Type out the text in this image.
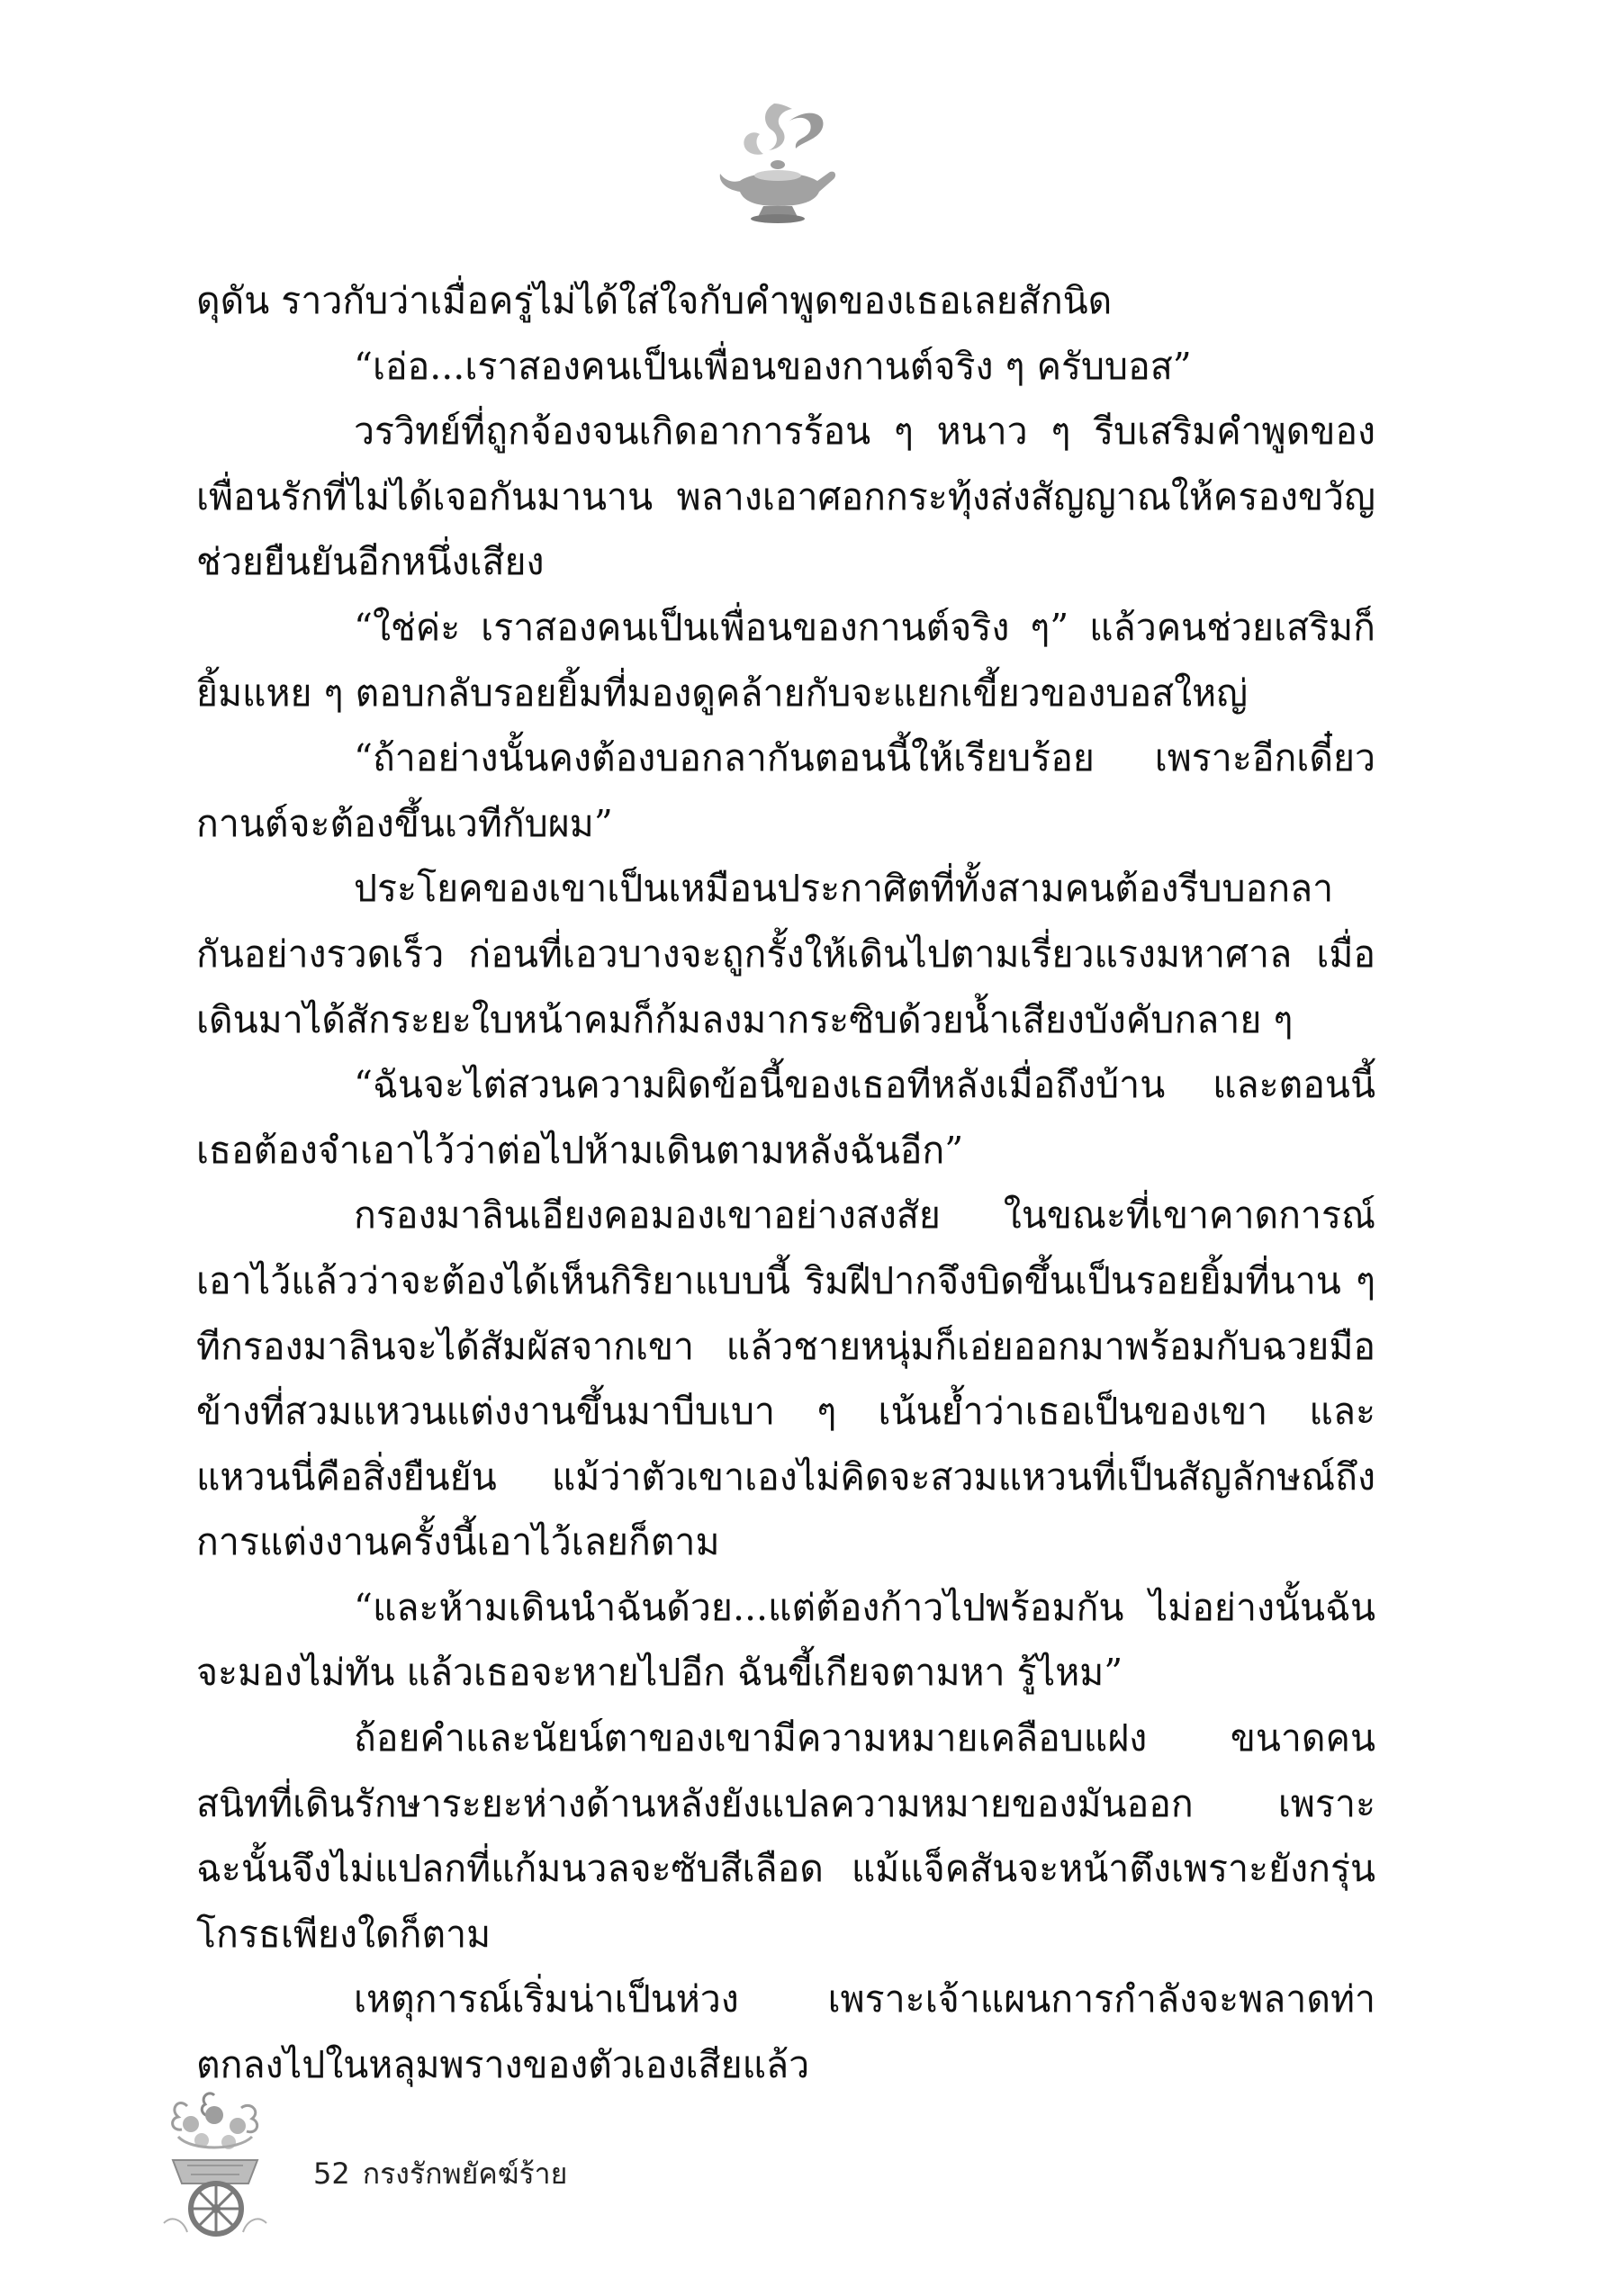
ดุดัน ราวกับว่าเมื่อครู่ไม่ได้ใส่ใจกับคำพูดของเธอเลยสักนิด

“เอ่อ...เราสองคนเป็นเพื่อนของกานต์จริง ๆ ครับบอส”

วรวิทย์ที่ถูกจ้องจนเกิดอาการร้อน ๆ หนาว ๆ รีบเสริมคำพูดของเพื่อนรักที่ไม่ได้เจอกันมานาน พลางเอาศอกกระทุ้งส่งสัญญาณให้ครองขวัญช่วยยืนยันอีกหนึ่งเสียง

“ใช่ค่ะ เราสองคนเป็นเพื่อนของกานต์จริง ๆ” แล้วคนช่วยเสริมก็ยิ้มแหย ๆ ตอบกลับรอยยิ้มที่มองดูคล้ายกับจะแยกเขี้ยวของบอสใหญ่

“ถ้าอย่างนั้นคงต้องบอกลากันตอนนี้ให้เรียบร้อย เพราะอีกเดี๋ยวกานต์จะต้องขึ้นเวทีกับผม”

ประโยคของเขาเป็นเหมือนประกาศิตที่ทั้งสามคนต้องรีบบอกลากันอย่างรวดเร็ว ก่อนที่เอวบางจะถูกรั้งให้เดินไปตามเรี่ยวแรงมหาศาล เมื่อเดินมาได้สักระยะใบหน้าคมก็ก้มลงมากระซิบด้วยน้ำเสียงบังคับกลาย ๆ

“ฉันจะไต่สวนความผิดข้อนี้ของเธอทีหลังเมื่อถึงบ้าน และตอนนี้เธอต้องจำเอาไว้ว่าต่อไปห้ามเดินตามหลังฉันอีก”

กรองมาลินเอียงคอมองเขาอย่างสงสัย ในขณะที่เขาคาดการณ์เอาไว้แล้วว่าจะต้องได้เห็นกิริยาแบบนี้ ริมฝีปากจึงบิดขึ้นเป็นรอยยิ้มที่นาน ๆ ทีกรองมาลินจะได้สัมผัสจากเขา แล้วชายหนุ่มก็เอ่ยออกมาพร้อมกับฉวยมือข้างที่สวมแหวนแต่งงานขึ้นมาบีบเบา ๆ เน้นย้ำว่าเธอเป็นของเขา และแหวนนี่คือสิ่งยืนยัน แม้ว่าตัวเขาเองไม่คิดจะสวมแหวนที่เป็นสัญลักษณ์ถึงการแต่งงานครั้งนี้เอาไว้เลยก็ตาม

“และห้ามเดินนำฉันด้วย...แต่ต้องก้าวไปพร้อมกัน ไม่อย่างนั้นฉันจะมองไม่ทัน แล้วเธอจะหายไปอีก ฉันขี้เกียจตามหา รู้ไหม”

ถ้อยคำและนัยน์ตาของเขามีความหมายเคลือบแฝง ขนาดคนสนิทที่เดินรักษาระยะห่างด้านหลังยังแปลความหมายของมันออก เพราะฉะนั้นจึงไม่แปลกที่แก้มนวลจะซับสีเลือด แม้แจ็คสันจะหน้าตึงเพราะยังกรุ่นโกรธเพียงใดก็ตาม

เหตุการณ์เริ่มน่าเป็นห่วง เพราะเจ้าแผนการกำลังจะพลาดท่าตกลงไปในหลุมพรางของตัวเองเสียแล้ว

52 กรงรักพยัคฆ์ร้าย
